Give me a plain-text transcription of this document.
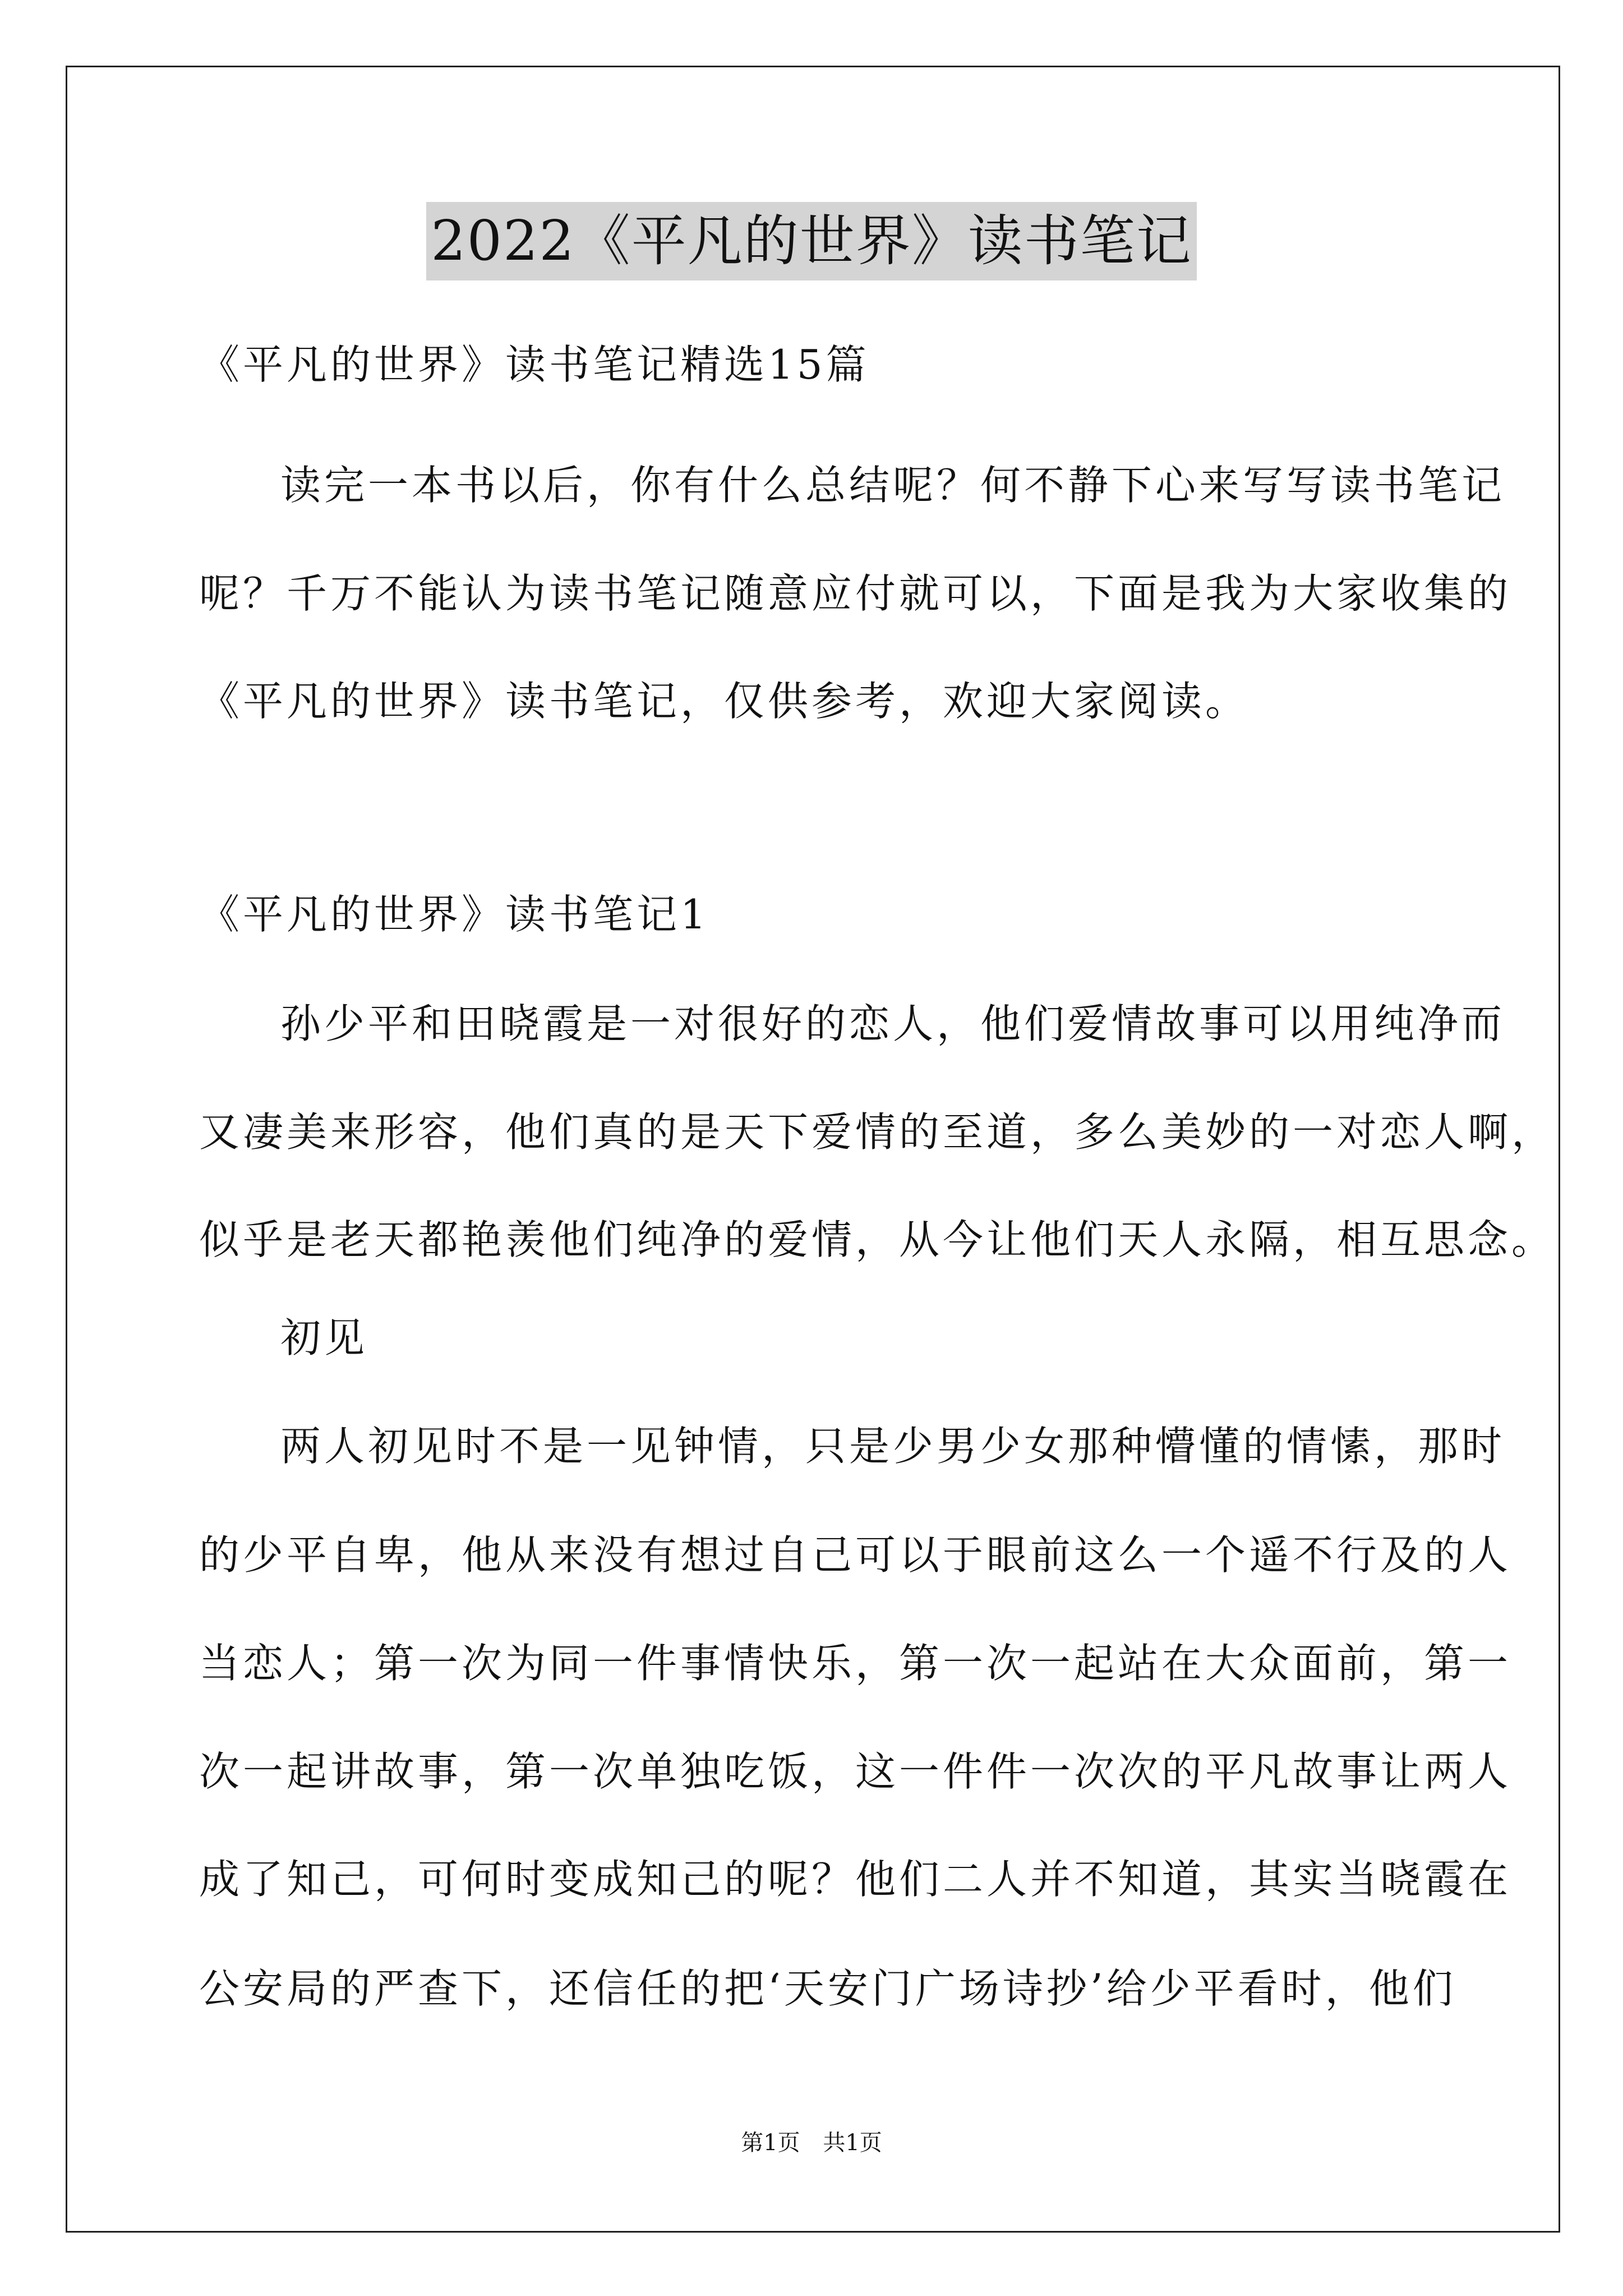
2022《平凡的世界》读书笔记
《平凡的世界》读书笔记精选15篇
读完一本书以后，你有什么总结呢？何不静下心来写写读书笔记
呢？千万不能认为读书笔记随意应付就可以，下面是我为大家收集的
《平凡的世界》读书笔记，仅供参考，欢迎大家阅读。
《平凡的世界》读书笔记1
孙少平和田晓霞是一对很好的恋人，他们爱情故事可以用纯净而
又凄美来形容，他们真的是天下爱情的至道，多么美妙的一对恋人啊，
似乎是老天都艳羡他们纯净的爱情，从今让他们天人永隔，相互思念。
初见
两人初见时不是一见钟情，只是少男少女那种懵懂的情愫，那时
的少平自卑，他从来没有想过自己可以于眼前这么一个遥不行及的人
当恋人；第一次为同一件事情快乐，第一次一起站在大众面前，第一
次一起讲故事，第一次单独吃饭，这一件件一次次的平凡故事让两人
成了知己，可何时变成知己的呢？他们二人并不知道，其实当晓霞在
公安局的严查下，还信任的把‘天安门广场诗抄’给少平看时，他们
第1页 共1页
